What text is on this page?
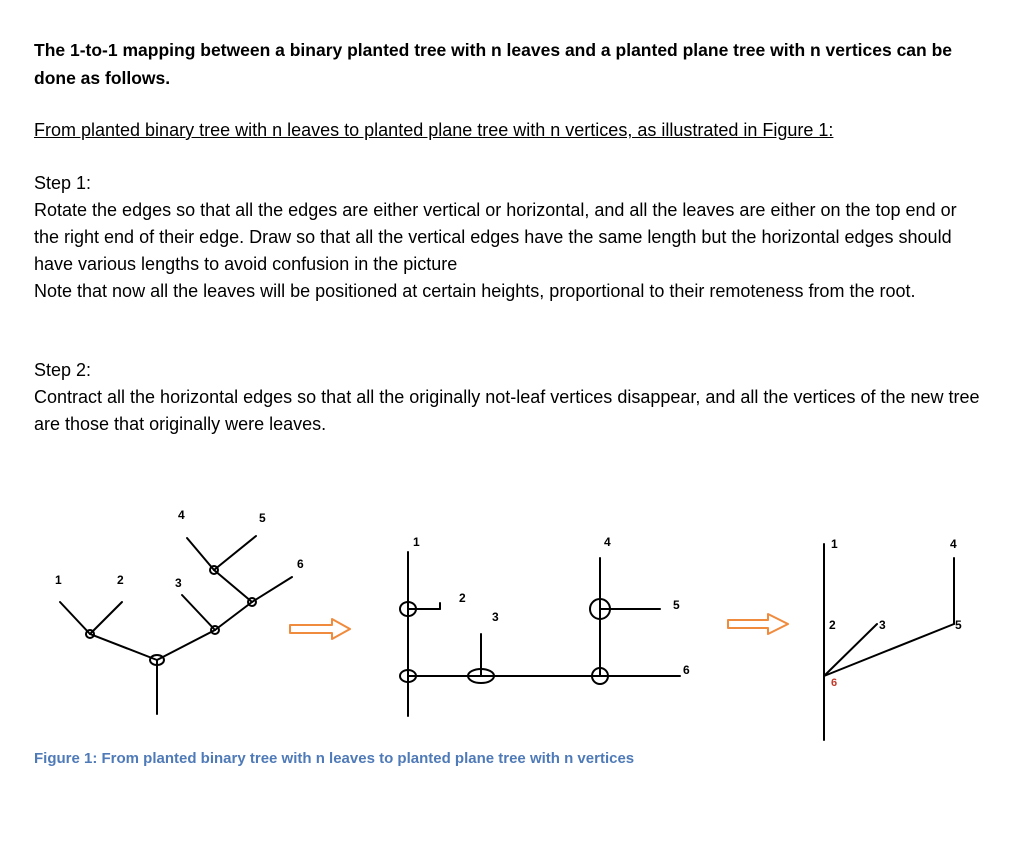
The 1-to-1 mapping between a binary planted tree with n leaves and a planted plane tree with n vertices can be done as follows.

From planted binary tree with n leaves to planted plane tree with n vertices, as illustrated in Figure 1:

Step 1:

Rotate the edges so that all the edges are either vertical or horizontal, and all the leaves are either on the top end or the right end of their edge. Draw so that all the vertical edges have the same length but the horizontal edges should have various lengths to avoid confusion in the picture

Note that now all the leaves will be positioned at certain heights, proportional to their remoteness from the root.

Step 2:

Contract all the horizontal edges so that all the originally not-leaf vertices disappear, and all the vertices of the new tree are those that originally were leaves.

1	2	3
4	5
6
1
2
3
4
5
6
1
2	3
4
5
6

Figure 1: From planted binary tree with n leaves to planted plane tree with n vertices
